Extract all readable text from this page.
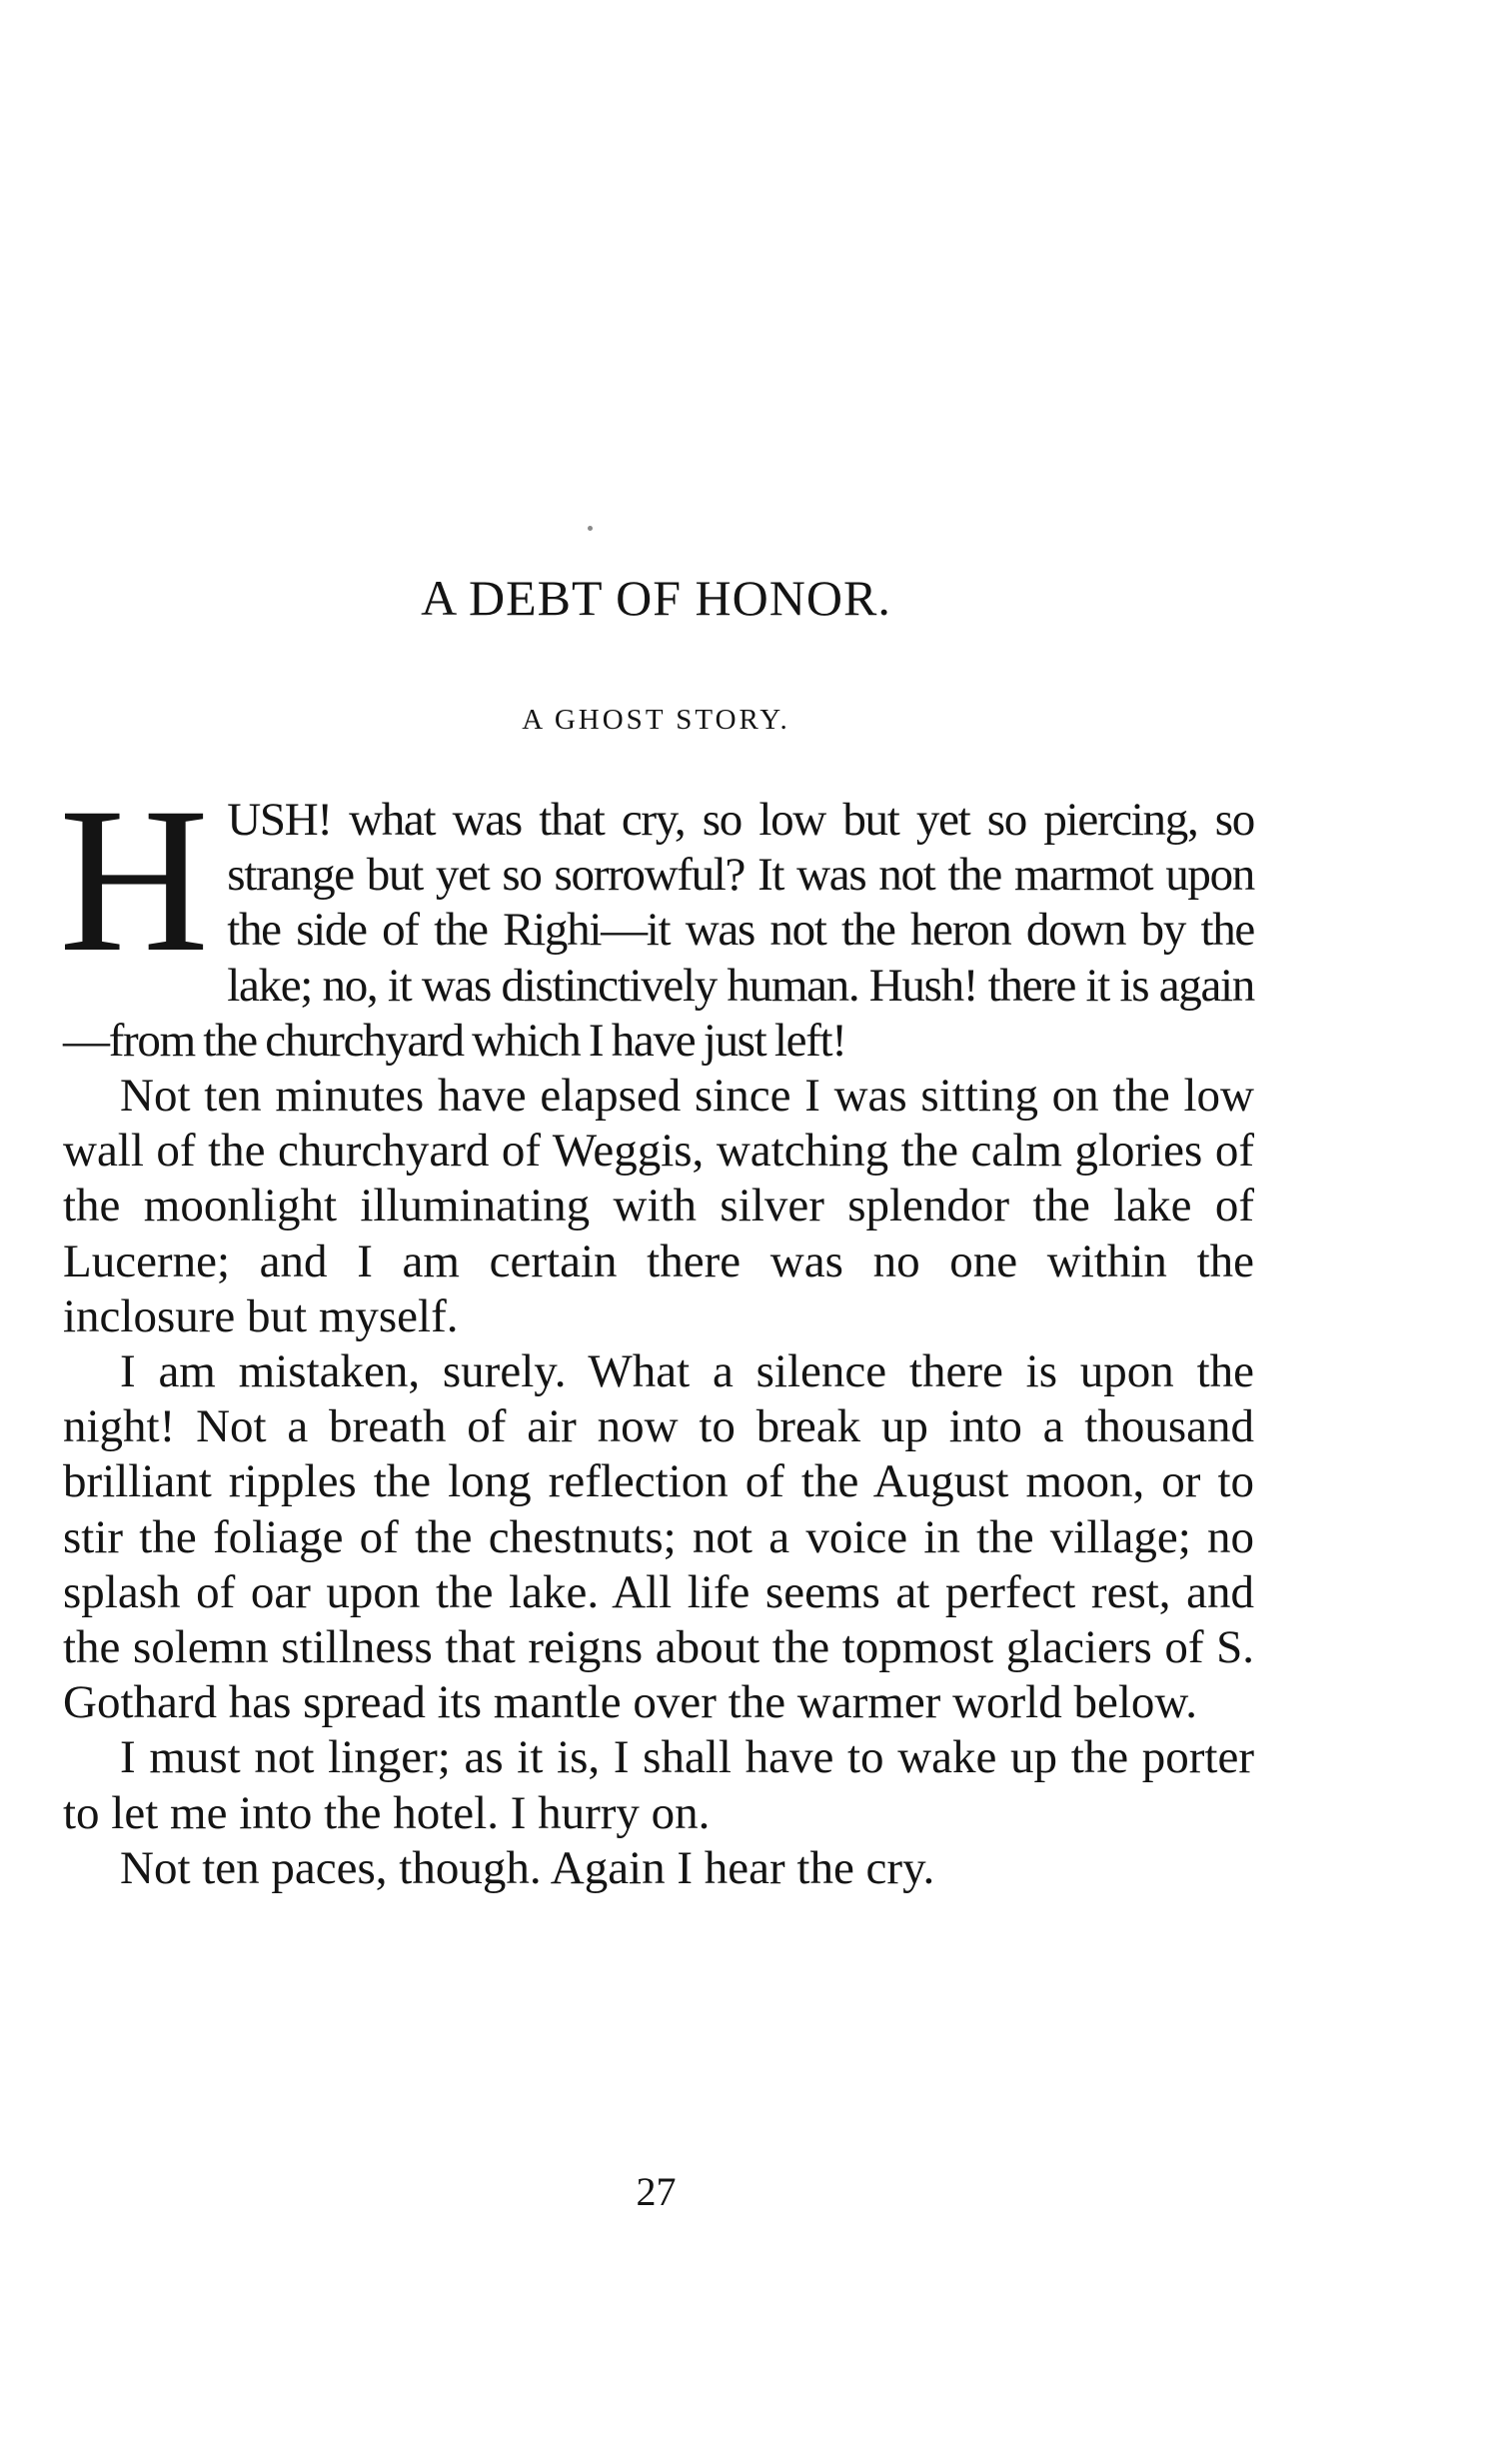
A DEBT OF HONOR.
A GHOST STORY.

HUSH! what was that cry, so low but yet so piercing, so strange but yet so sorrowful? It was not the marmot upon the side of the Righi—it was not the heron down by the lake; no, it was distinctively human. Hush! there it is again —from the churchyard which I have just left!

Not ten minutes have elapsed since I was sitting on the low wall of the churchyard of Weggis, watching the calm glories of the moonlight illuminating with silver splendor the lake of Lucerne; and I am certain there was no one within the inclosure but myself.

I am mistaken, surely. What a silence there is upon the night! Not a breath of air now to break up into a thousand brilliant ripples the long reflection of the August moon, or to stir the foliage of the chestnuts; not a voice in the village; no splash of oar upon the lake. All life seems at perfect rest, and the solemn stillness that reigns about the topmost glaciers of S. Gothard has spread its mantle over the warmer world below.

I must not linger; as it is, I shall have to wake up the porter to let me into the hotel. I hurry on.

Not ten paces, though. Again I hear the cry.

27
